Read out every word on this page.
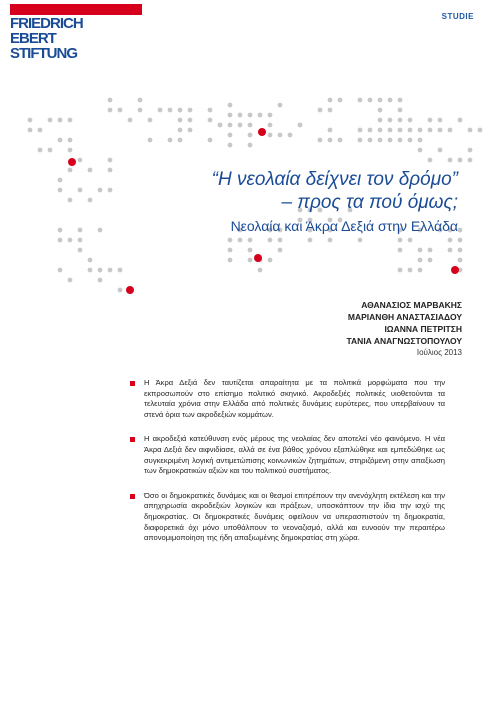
STUDIE
FRIEDRICH
EBERT
STIFTUNG
“Η νεολαία δείχνει τον δρόμο”
– προς τα πού όμως;
Νεολαία και Άκρα Δεξιά στην Ελλάδα
ΑΘΑΝΑΣΙΟΣ ΜΑΡΒΑΚΗΣ
ΜΑΡΙΑΝΘΗ ΑΝΑΣΤΑΣΙΑΔΟΥ
ΙΩΑΝΝΑ ΠΕΤΡΙΤΣΗ
ΤΑΝΙΑ ΑΝΑΓΝΩΣΤΟΠΟΥΛΟΥ
Ιούλιος 2013
Η Άκρα Δεξιά δεν ταυτίζεται απαραίτητα με τα πολιτικά μορφώματα που την εκπροσωπούν στο επίσημο πολιτικό σκηνικό. Ακροδεξιές πολιτικές υιοθετούνται τα τελευταία χρόνια στην Ελλάδα από πολιτικές δυνάμεις ευρύτερες, που υπερβαίνουν τα στενά όρια των ακροδεξιών κομμάτων.
Η ακροδεξιά κατεύθυνση ενός μέρους της νεολαίας δεν αποτελεί νέο φαινόμενο. Η νέα Άκρα Δεξιά δεν αιφνιδίασε, αλλά σε ένα βάθος χρόνου εξαπλώθηκε και εμπεδώθηκε ως συγκεκριμένη λογική αντιμετώπισης κοινωνικών ζητημάτων, στηριζόμενη στην απαξίωση των δημοκρατικών αξιών και του πολιτικού συστήματος.
Όσο οι δημοκρατικές δυνάμεις και οι θεσμοί επιτρέπουν την ανενόχλητη εκτέλεση και την απηχηρωσία ακροδεξιών λογικών και πράξεων, υποσκάπτουν την ίδια την ισχύ της δημοκρατίας. Οι δημοκρατικές δυνάμεις οφείλουν να υπερασπιστούν τη δημοκρατία, διαφορετικά όχι μόνο υποθάλπουν το νεοναζισμό, αλλά και ευνοούν την περαιτέρω απονομιμοποίηση της ήδη απαξιωμένης δημοκρατίας στη χώρα.
